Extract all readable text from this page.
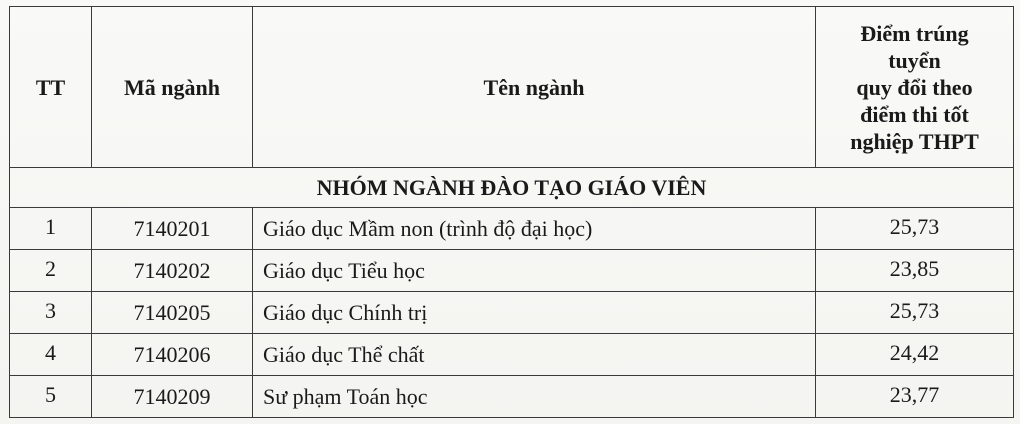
TT	Mã ngành	Tên ngành	Điểm trúng
tuyển
quy đổi theo
điểm thi tốt
nghiệp THPT

NHÓM NGÀNH ĐÀO TẠO GIÁO VIÊN			
1	7140201	Giáo dục Mầm non (trình độ đại học)	25,73
2	7140202	Giáo dục Tiểu học	23,85
3	7140205	Giáo dục Chính trị	25,73
4	7140206	Giáo dục Thể chất	24,42
5	7140209	Sư phạm Toán học	23,77
